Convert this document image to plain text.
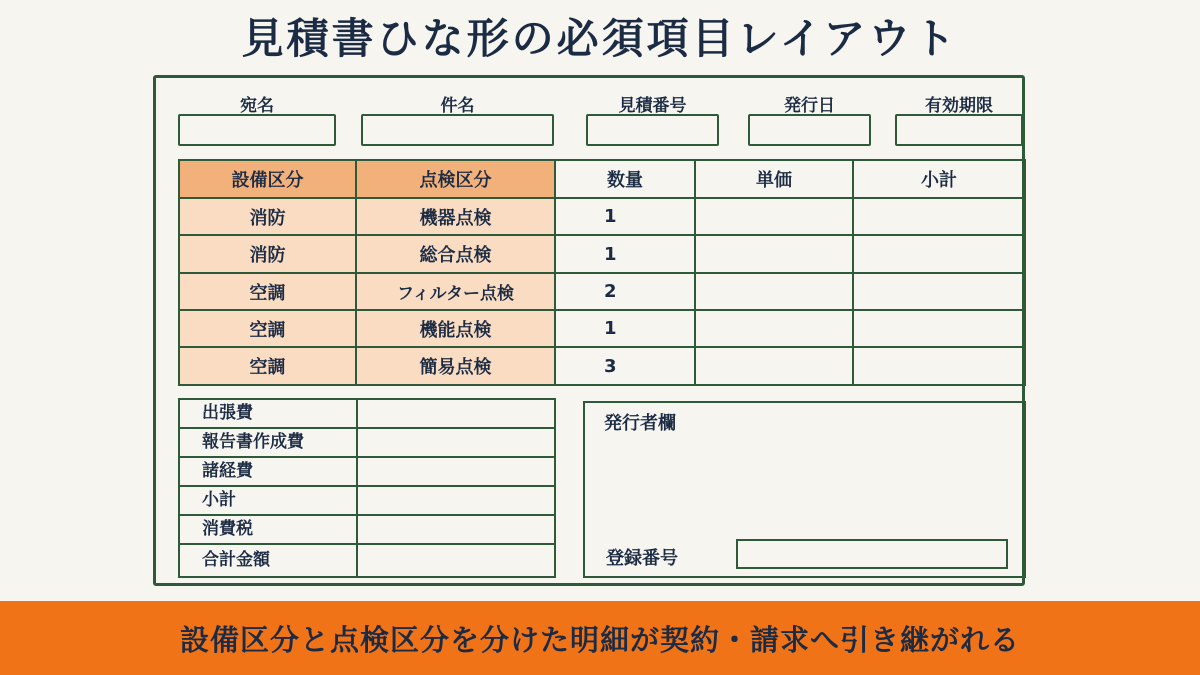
見積書ひな形の必須項目レイアウト
宛名	件名	見積番号	発行日	有効期限
設備区分	点検区分	数量	単価	小計
消防	機器点検	1
消防	総合点検	1
空調	フィルター点検	2
空調	機能点検	1
空調	簡易点検	3
出張費
報告書作成費
諸経費
小計
消費税
合計金額
発行者欄
登録番号
設備区分と点検区分を分けた明細が契約・請求へ引き継がれる
